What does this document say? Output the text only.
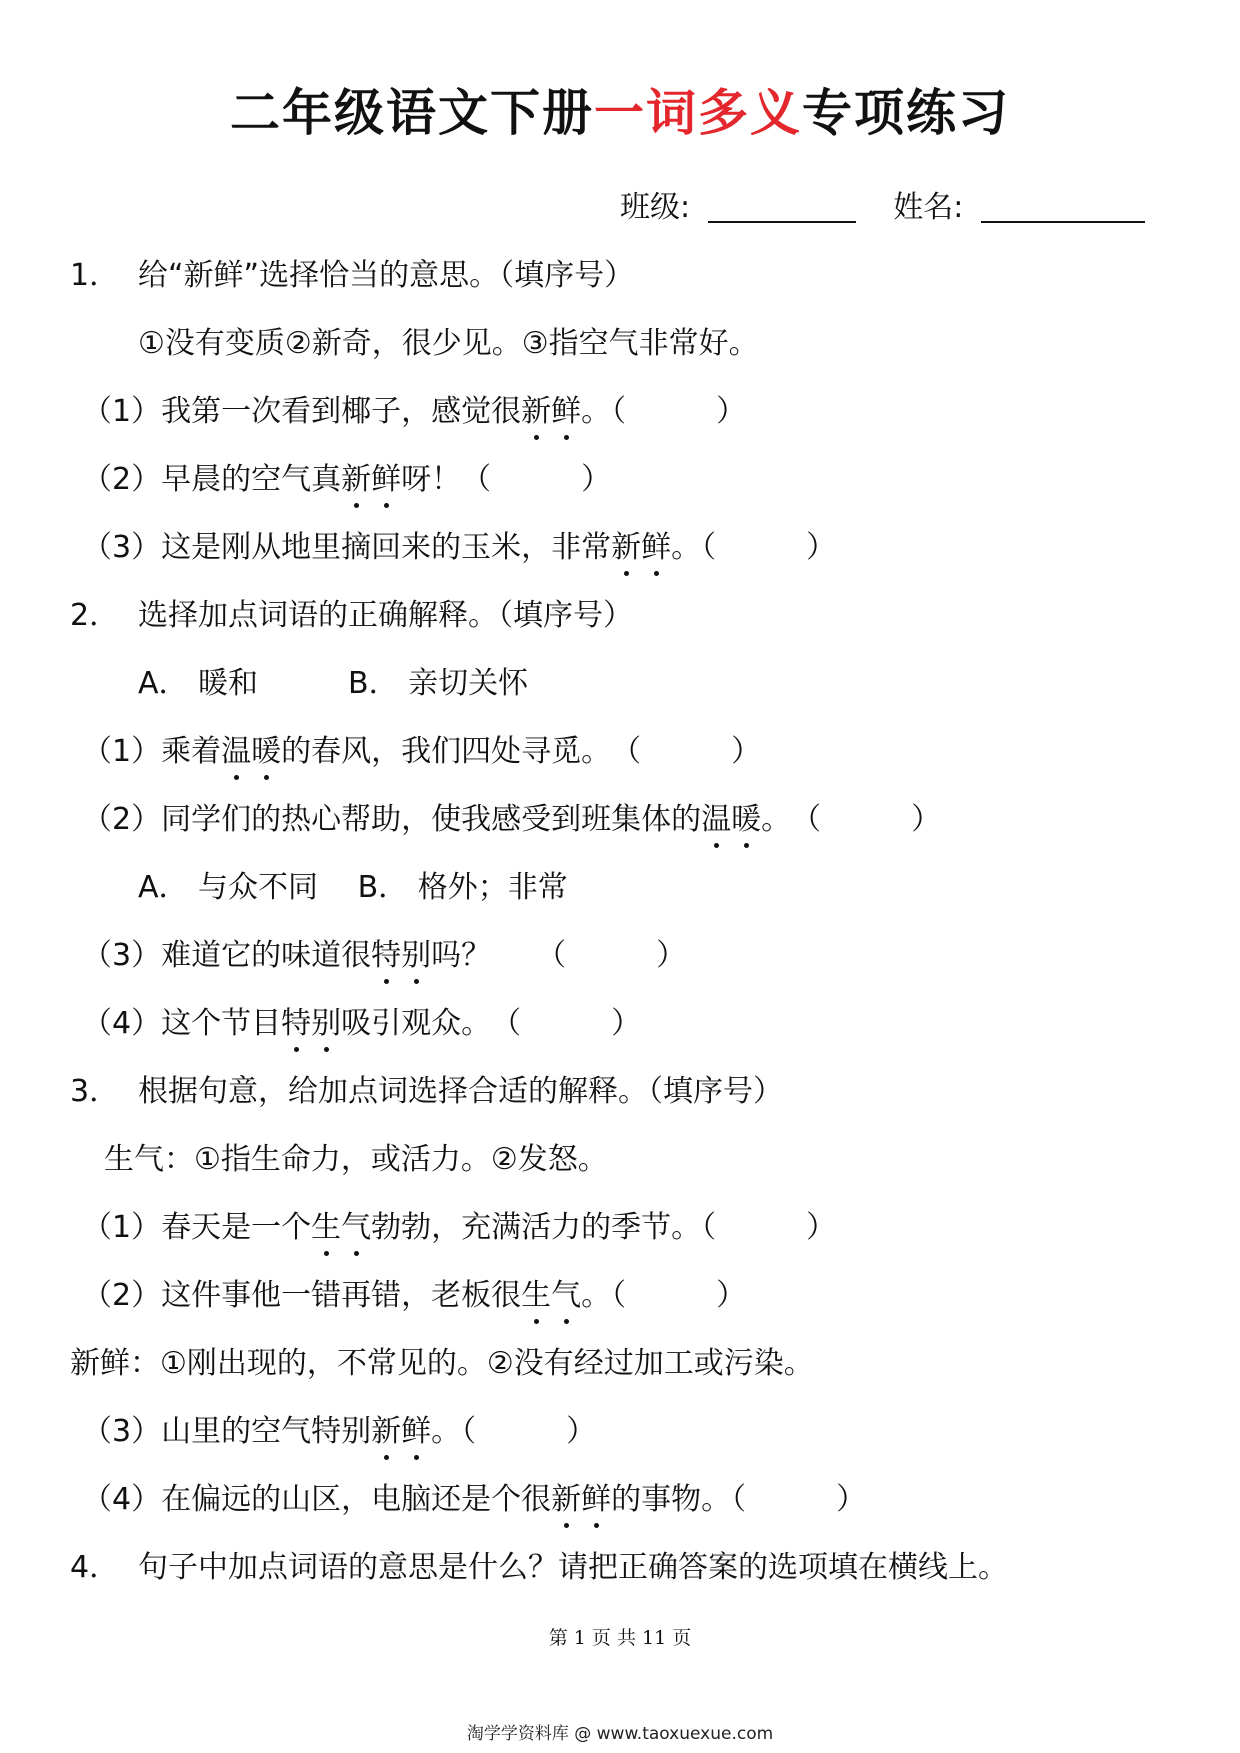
二年级语文下册一词多义专项练习
班级:	姓名:
1． 给“新鲜”选择恰当的意思。（填序号）
①没有变质②新奇，很少见。③指空气非常好。
（1）我第一次看到椰子，感觉很新鲜。（　　　）
（2）早晨的空气真新鲜呀！（　　　）
（3）这是刚从地里摘回来的玉米，非常新鲜。（　　　）
2． 选择加点词语的正确解释。（填序号）
A． 暖和　　　B． 亲切关怀
（1）乘着温暖的春风，我们四处寻觅。　（　　　）
（2）同学们的热心帮助，使我感受到班集体的温暖。　（　　　）
A． 与众不同　 B． 格外；非常
（3）难道它的味道很特别吗？　　（　　　）
（4）这个节目特别吸引观众。　（　　　）
3． 根据句意，给加点词选择合适的解释。（填序号）
生气：①指生命力，或活力。②发怒。
（1）春天是一个生气勃勃，充满活力的季节。（　　　）
（2）这件事他一错再错，老板很生气。（　　　）
新鲜：①刚出现的，不常见的。②没有经过加工或污染。
（3）山里的空气特别新鲜。（　　　）
（4）在偏远的山区，电脑还是个很新鲜的事物。（　　　）
4． 句子中加点词语的意思是什么？请把正确答案的选项填在横线上。
第 1 页 共 11 页
淘学学资料库 @ www.taoxuexue.com
